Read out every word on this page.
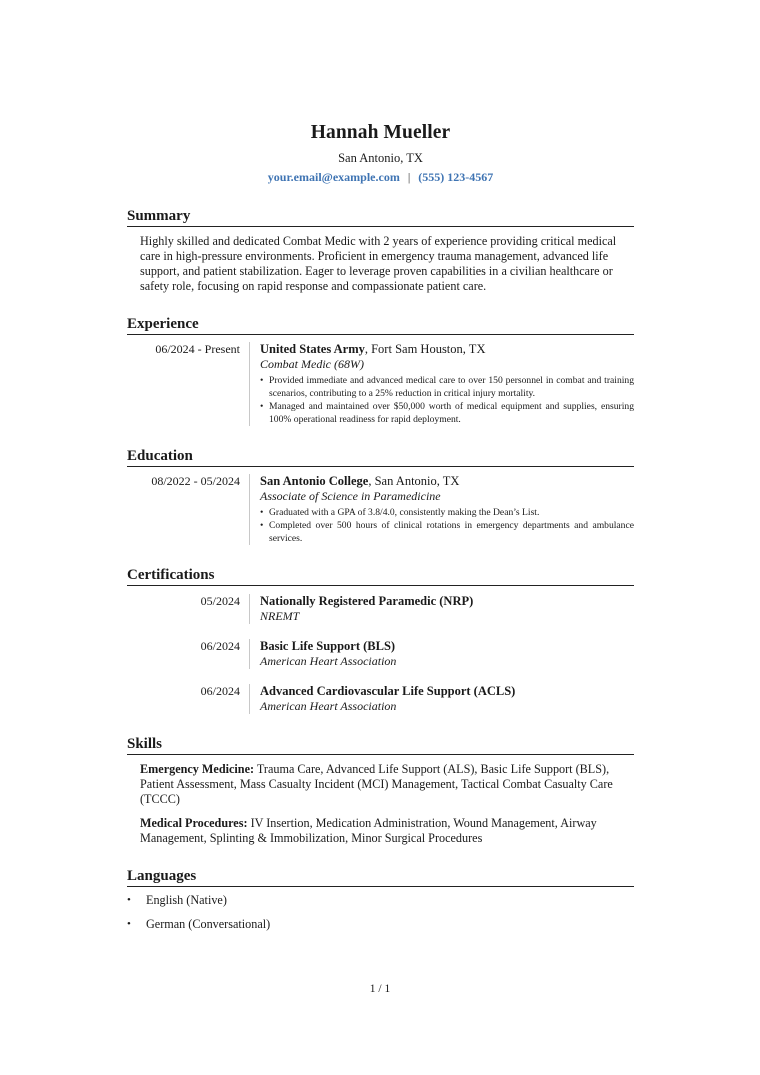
Hannah Mueller
San Antonio, TX
your.email@example.com | (555) 123-4567
Summary
Highly skilled and dedicated Combat Medic with 2 years of experience providing critical medical care in high-pressure environments. Proficient in emergency trauma management, advanced life support, and patient stabilization. Eager to leverage proven capabilities in a civilian healthcare or safety role, focusing on rapid response and compassionate patient care.
Experience
06/2024 - Present	United States Army, Fort Sam Houston, TX
Combat Medic (68W)
• Provided immediate and advanced medical care to over 150 personnel in combat and training scenarios, contributing to a 25% reduction in critical injury mortality.
• Managed and maintained over $50,000 worth of medical equipment and supplies, ensuring 100% operational readiness for rapid deployment.
Education
08/2022 - 05/2024	San Antonio College, San Antonio, TX
Associate of Science in Paramedicine
• Graduated with a GPA of 3.8/4.0, consistently making the Dean’s List.
• Completed over 500 hours of clinical rotations in emergency departments and ambulance services.
Certifications
05/2024	Nationally Registered Paramedic (NRP)
NREMT
06/2024	Basic Life Support (BLS)
American Heart Association
06/2024	Advanced Cardiovascular Life Support (ACLS)
American Heart Association
Skills
Emergency Medicine: Trauma Care, Advanced Life Support (ALS), Basic Life Support (BLS), Patient Assessment, Mass Casualty Incident (MCI) Management, Tactical Combat Casualty Care (TCCC)
Medical Procedures: IV Insertion, Medication Administration, Wound Management, Airway Management, Splinting & Immobilization, Minor Surgical Procedures
Languages
• English (Native)
• German (Conversational)
1 / 1
